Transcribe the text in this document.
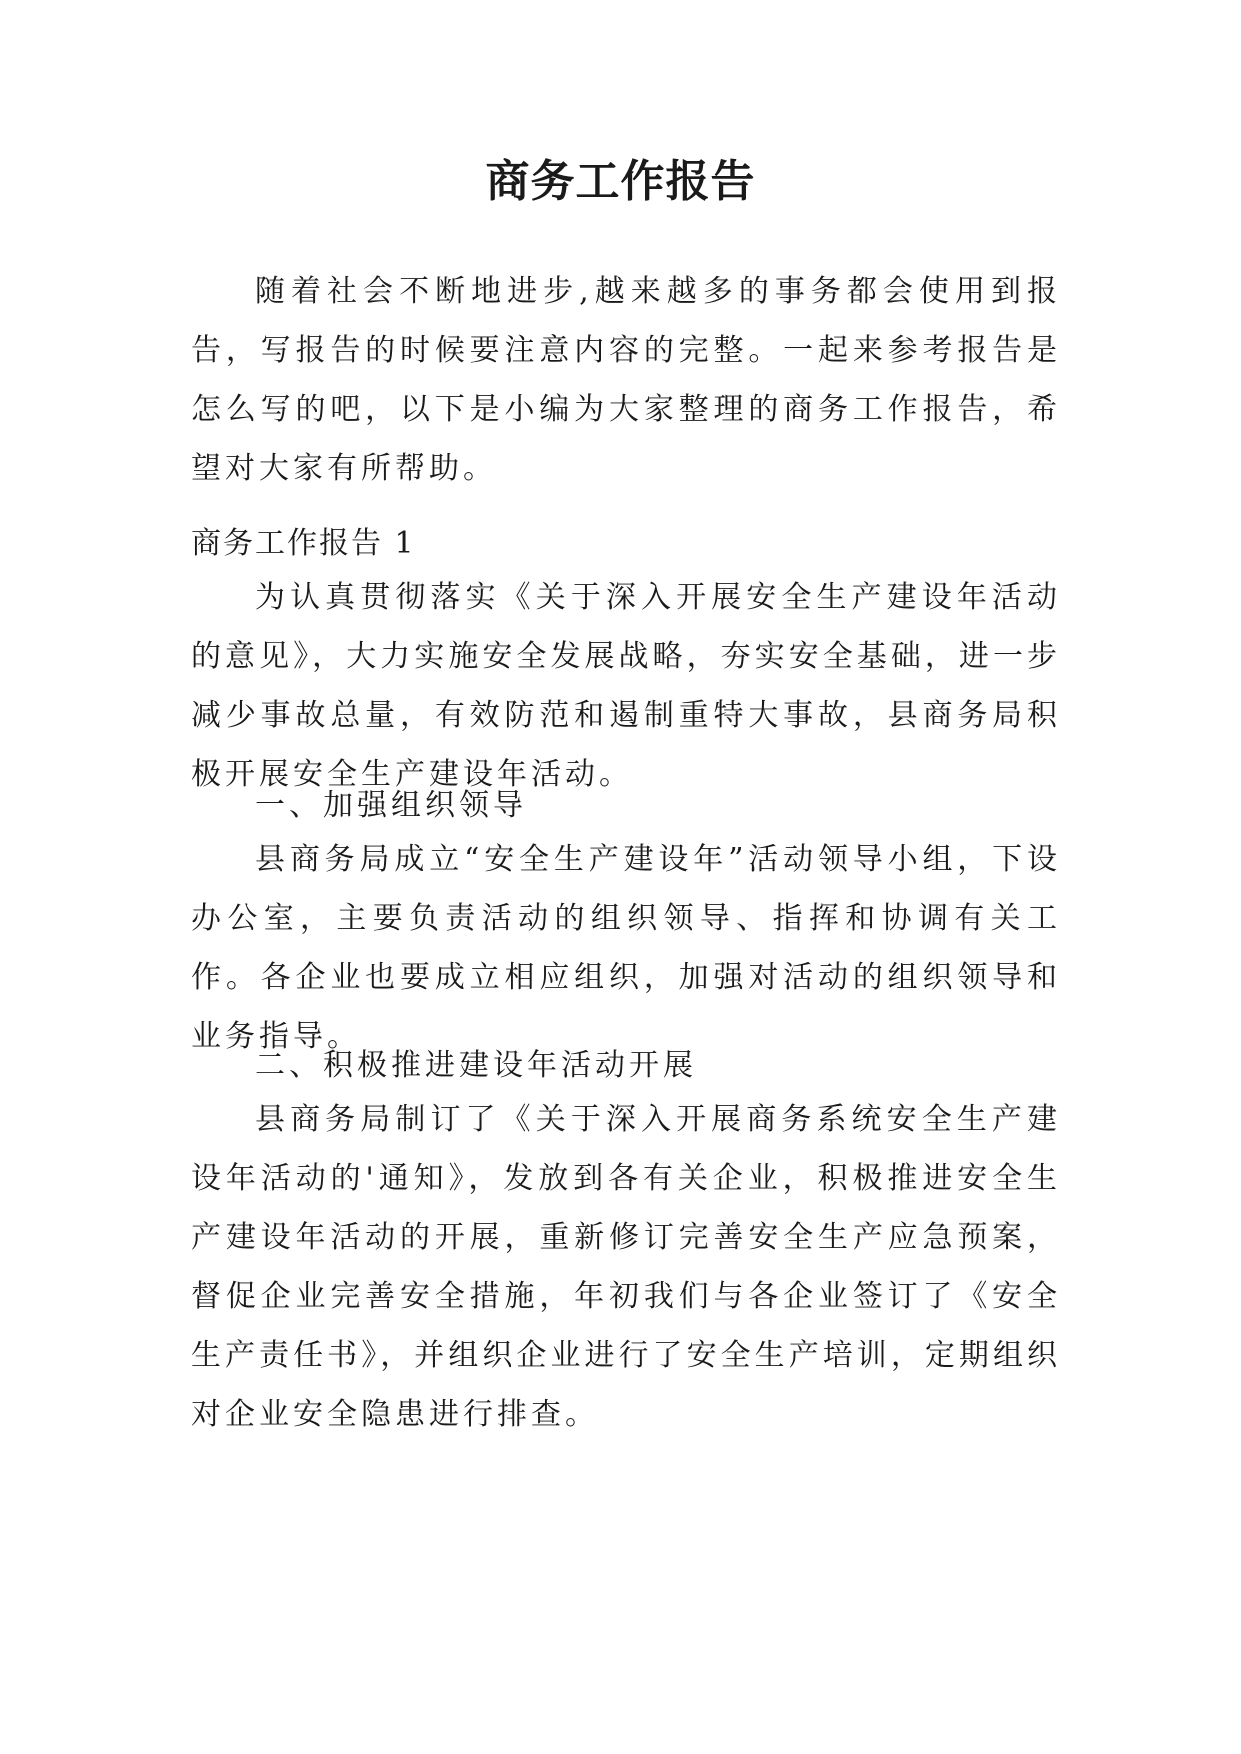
商务工作报告

随着社会不断地进步,越来越多的事务都会使用到报告，写报告的时候要注意内容的完整。一起来参考报告是怎么写的吧，以下是小编为大家整理的商务工作报告，希望对大家有所帮助。

商务工作报告 1

为认真贯彻落实《关于深入开展安全生产建设年活动的意见》，大力实施安全发展战略，夯实安全基础，进一步减少事故总量，有效防范和遏制重特大事故，县商务局积极开展安全生产建设年活动。

一、加强组织领导

县商务局成立“安全生产建设年”活动领导小组，下设办公室，主要负责活动的组织领导、指挥和协调有关工作。各企业也要成立相应组织，加强对活动的组织领导和业务指导。

二、积极推进建设年活动开展

县商务局制订了《关于深入开展商务系统安全生产建设年活动的'通知》，发放到各有关企业，积极推进安全生产建设年活动的开展，重新修订完善安全生产应急预案，督促企业完善安全措施，年初我们与各企业签订了《安全生产责任书》，并组织企业进行了安全生产培训，定期组织对企业安全隐患进行排查。
